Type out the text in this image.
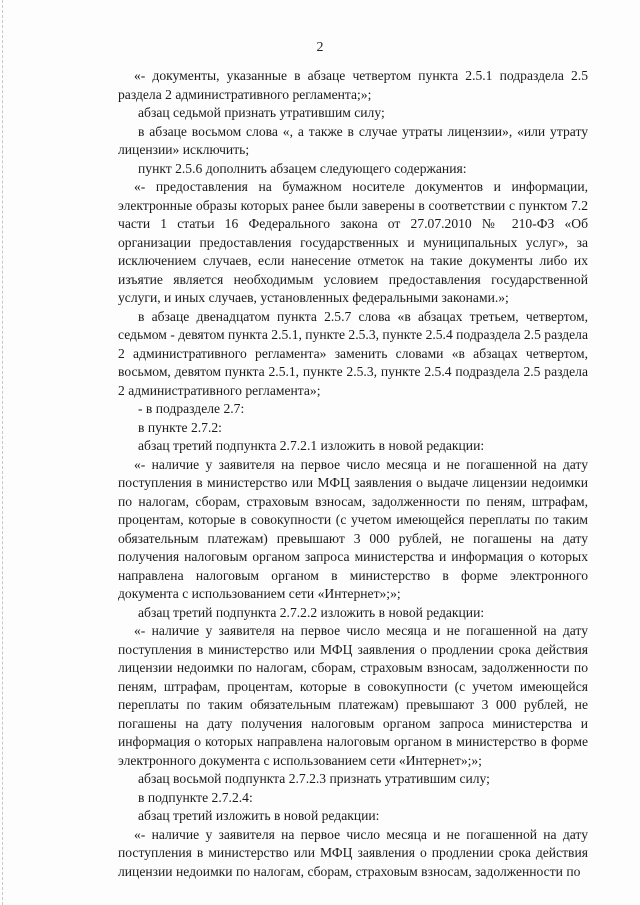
2

«- документы, указанные в абзаце четвертом пункта 2.5.1 подраздела 2.5 раздела 2 административного регламента;»;

абзац седьмой признать утратившим силу;

в абзаце восьмом слова «, а также в случае утраты лицензии», «или утрату лицензии» исключить;

пункт 2.5.6 дополнить абзацем следующего содержания:

«- предоставления на бумажном носителе документов и информации, электронные образы которых ранее были заверены в соответствии с пунктом 7.2 части 1 статьи 16 Федерального закона от 27.07.2010 № 210-ФЗ «Об организации предоставления государственных и муниципальных услуг», за исключением случаев, если нанесение отметок на такие документы либо их изъятие является необходимым условием предоставления государственной услуги, и иных случаев, установленных федеральными законами.»;

в абзаце двенадцатом пункта 2.5.7 слова «в абзацах третьем, четвертом, седьмом - девятом пункта 2.5.1, пункте 2.5.3, пункте 2.5.4 подраздела 2.5 раздела 2 административного регламента» заменить словами «в абзацах четвертом, восьмом, девятом пункта 2.5.1, пункте 2.5.3, пункте 2.5.4 подраздела 2.5 раздела 2 административного регламента»;

- в подразделе 2.7:

в пункте 2.7.2:

абзац третий подпункта 2.7.2.1 изложить в новой редакции:

«- наличие у заявителя на первое число месяца и не погашенной на дату поступления в министерство или МФЦ заявления о выдаче лицензии недоимки по налогам, сборам, страховым взносам, задолженности по пеням, штрафам, процентам, которые в совокупности (с учетом имеющейся переплаты по таким обязательным платежам) превышают 3 000 рублей, не погашены на дату получения налоговым органом запроса министерства и информация о которых направлена налоговым органом в министерство в форме электронного документа с использованием сети «Интернет»;»;

абзац третий подпункта 2.7.2.2 изложить в новой редакции:

«- наличие у заявителя на первое число месяца и не погашенной на дату поступления в министерство или МФЦ заявления о продлении срока действия лицензии недоимки по налогам, сборам, страховым взносам, задолженности по пеням, штрафам, процентам, которые в совокупности (с учетом имеющейся переплаты по таким обязательным платежам) превышают 3 000 рублей, не погашены на дату получения налоговым органом запроса министерства и информация о которых направлена налоговым органом в министерство в форме электронного документа с использованием сети «Интернет»;»;

абзац восьмой подпункта 2.7.2.3 признать утратившим силу;

в подпункте 2.7.2.4:

абзац третий изложить в новой редакции:

«- наличие у заявителя на первое число месяца и не погашенной на дату поступления в министерство или МФЦ заявления о продлении срока действия лицензии недоимки по налогам, сборам, страховым взносам, задолженности по
